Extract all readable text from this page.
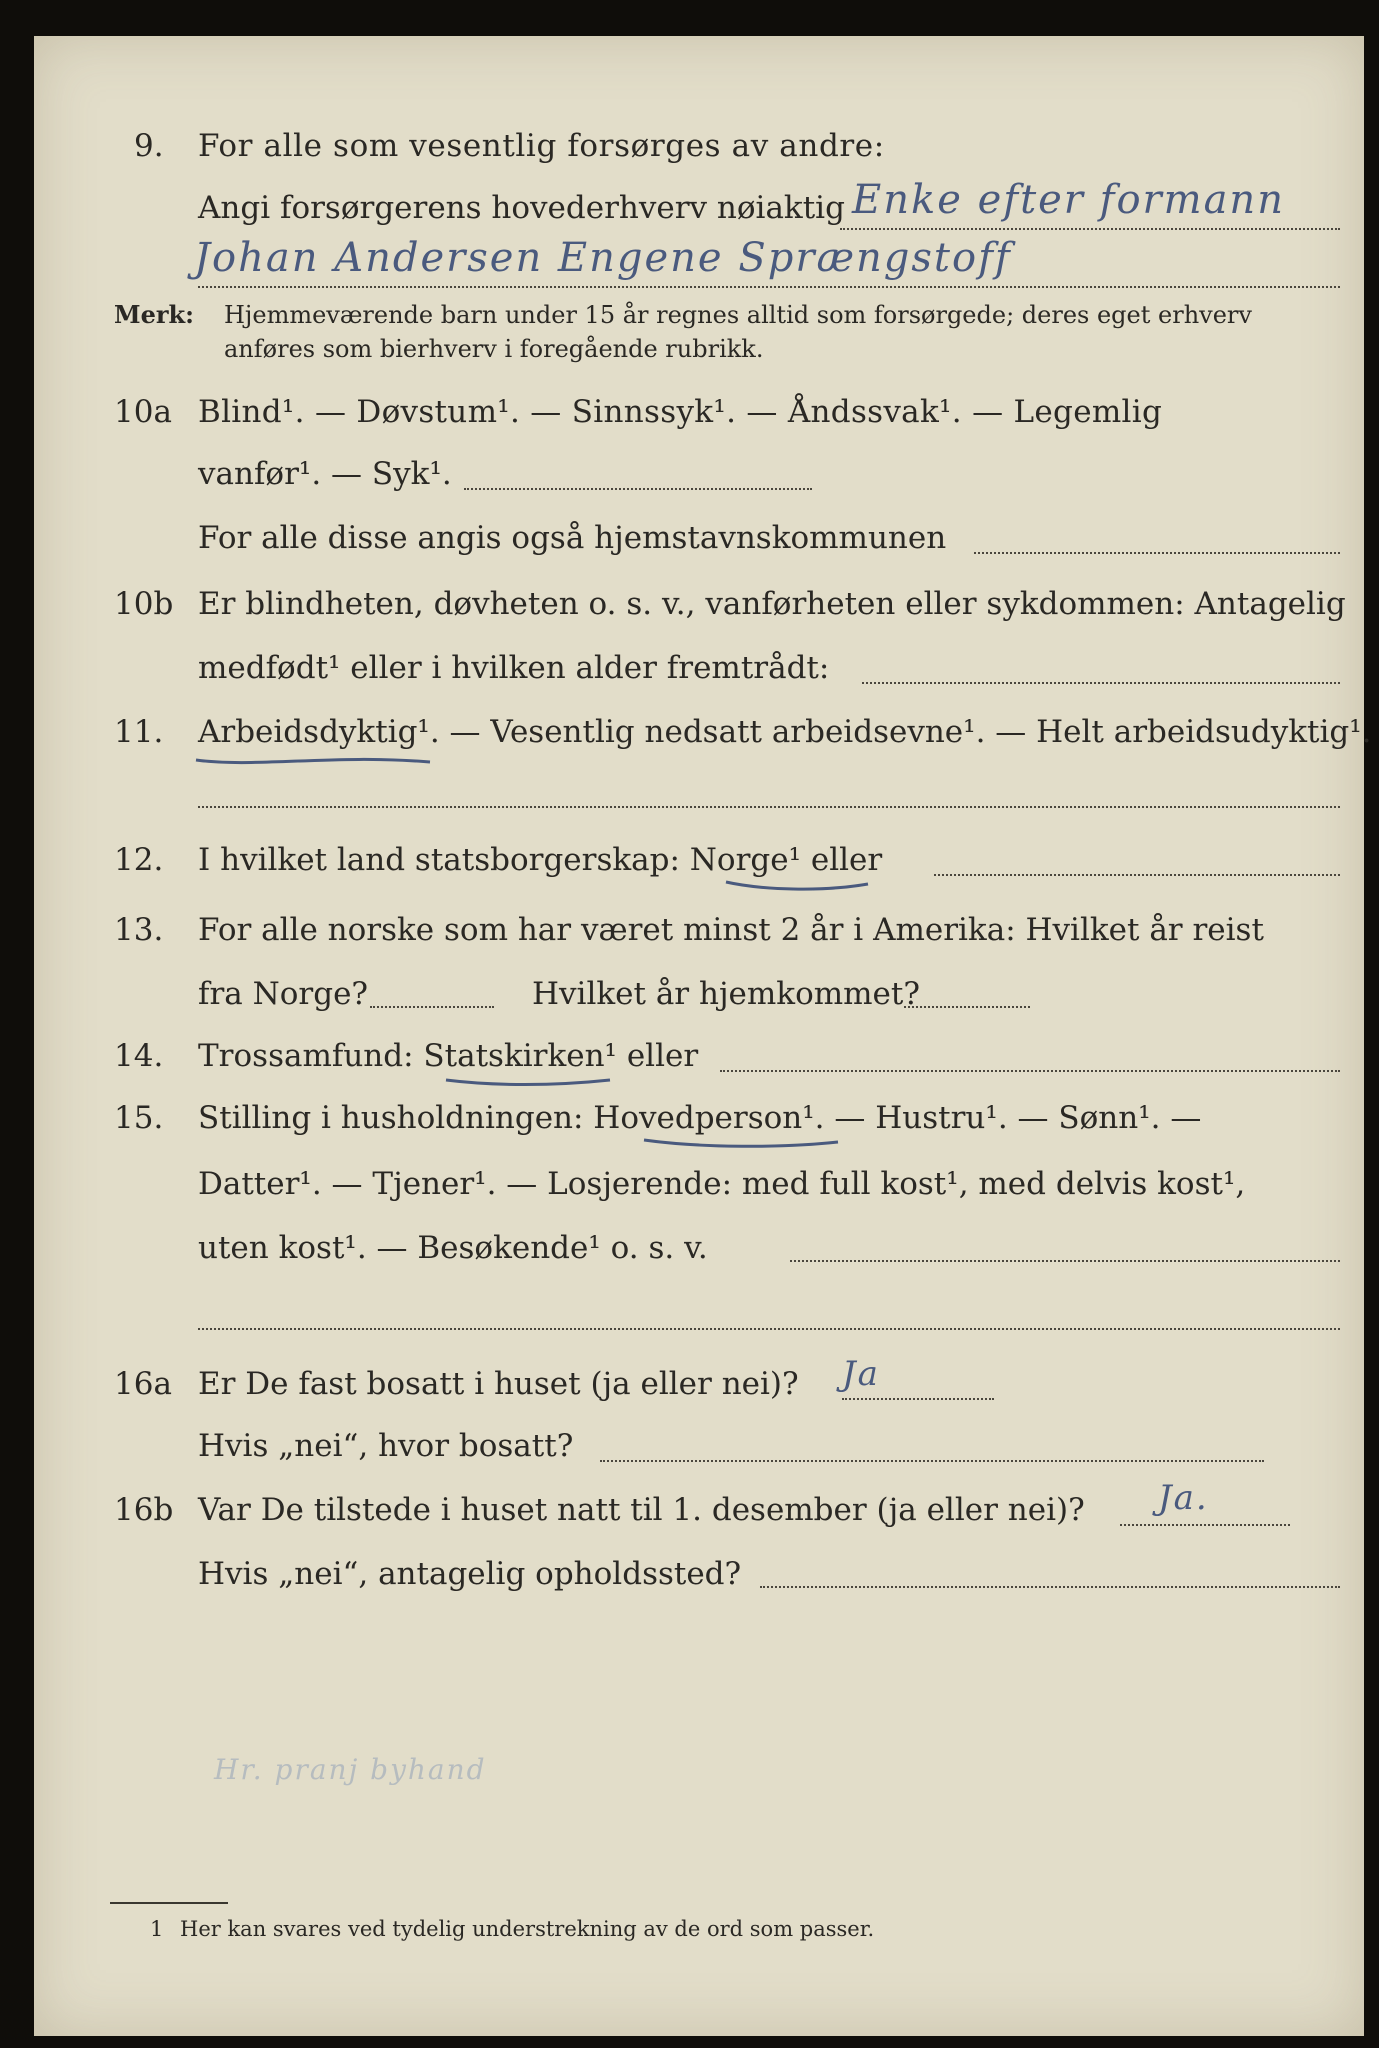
9. For alle som vesentlig forsørges av andre:
Angi forsørgerens hovederhverv nøiaktig Enke efter formann
Johan Andersen Engene Sprængstoff
Merk: Hjemmeværende barn under 15 år regnes alltid som forsørgede; deres eget erhverv
anføres som bierhverv i foregående rubrikk.
10a Blind¹. — Døvstum¹. — Sinnssyk¹. — Åndssvak¹. — Legemlig
vanfør¹. — Syk¹.
For alle disse angis også hjemstavnskommunen
10b Er blindheten, døvheten o. s. v., vanførheten eller sykdommen: Antagelig
medfødt¹ eller i hvilken alder fremtrådt:
11. Arbeidsdyktig¹. — Vesentlig nedsatt arbeidsevne¹. — Helt arbeidsudyktig¹.
12. I hvilket land statsborgerskap: Norge¹ eller
13. For alle norske som har været minst 2 år i Amerika: Hvilket år reist
fra Norge?	Hvilket år hjemkommet?
14. Trossamfund: Statskirken¹ eller
15. Stilling i husholdningen: Hovedperson¹. — Hustru¹. — Sønn¹. —
Datter¹. — Tjener¹. — Losjerende: med full kost¹, med delvis kost¹,
uten kost¹. — Besøkende¹ o. s. v.
16a Er De fast bosatt i huset (ja eller nei)? Ja
Hvis „nei“, hvor bosatt?
16b Var De tilstede i huset natt til 1. desember (ja eller nei)? Ja.
Hvis „nei“, antagelig opholdssted?
Hr. pranj byhand
1 Her kan svares ved tydelig understrekning av de ord som passer.
